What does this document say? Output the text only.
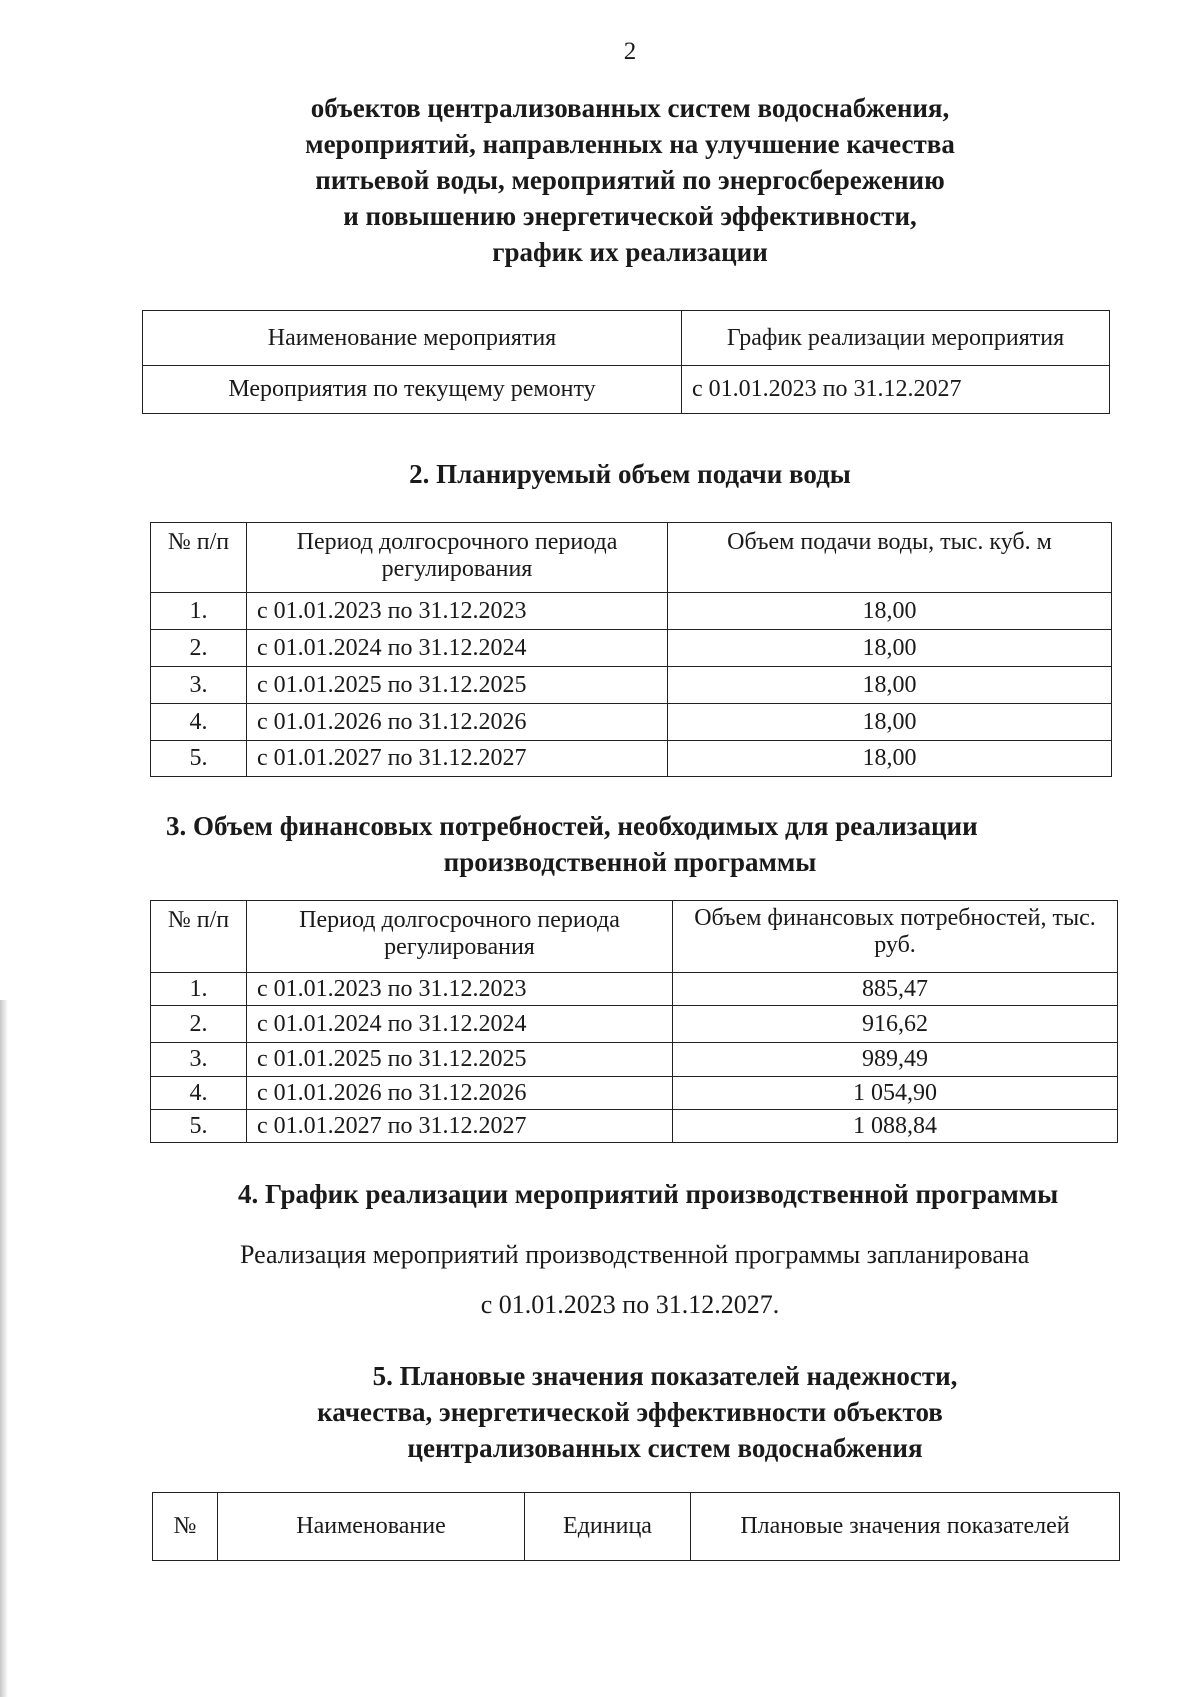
2
объектов централизованных систем водоснабжения,
мероприятий, направленных на улучшение качества
питьевой воды, мероприятий по энергосбережению
и повышению энергетической эффективности,
график их реализации
Наименование мероприятия	График реализации мероприятия
Мероприятия по текущему ремонту	с 01.01.2023 по 31.12.2027
2. Планируемый объем подачи воды
№ п/п	Период долгосрочного периода регулирования	Объем подачи воды, тыс. куб. м
1.	с 01.01.2023 по 31.12.2023	18,00
2.	с 01.01.2024 по 31.12.2024	18,00
3.	с 01.01.2025 по 31.12.2025	18,00
4.	с 01.01.2026 по 31.12.2026	18,00
5.	с 01.01.2027 по 31.12.2027	18,00
3. Объем финансовых потребностей, необходимых для реализации
производственной программы
№ п/п	Период долгосрочного периода регулирования	Объем финансовых потребностей, тыс. руб.
1.	с 01.01.2023 по 31.12.2023	885,47
2.	с 01.01.2024 по 31.12.2024	916,62
3.	с 01.01.2025 по 31.12.2025	989,49
4.	с 01.01.2026 по 31.12.2026	1 054,90
5.	с 01.01.2027 по 31.12.2027	1 088,84
4. График реализации мероприятий производственной программы
Реализация мероприятий производственной программы запланирована
с 01.01.2023 по 31.12.2027.
5. Плановые значения показателей надежности,
качества, энергетической эффективности объектов
централизованных систем водоснабжения
№	Наименование	Единица	Плановые значения показателей
